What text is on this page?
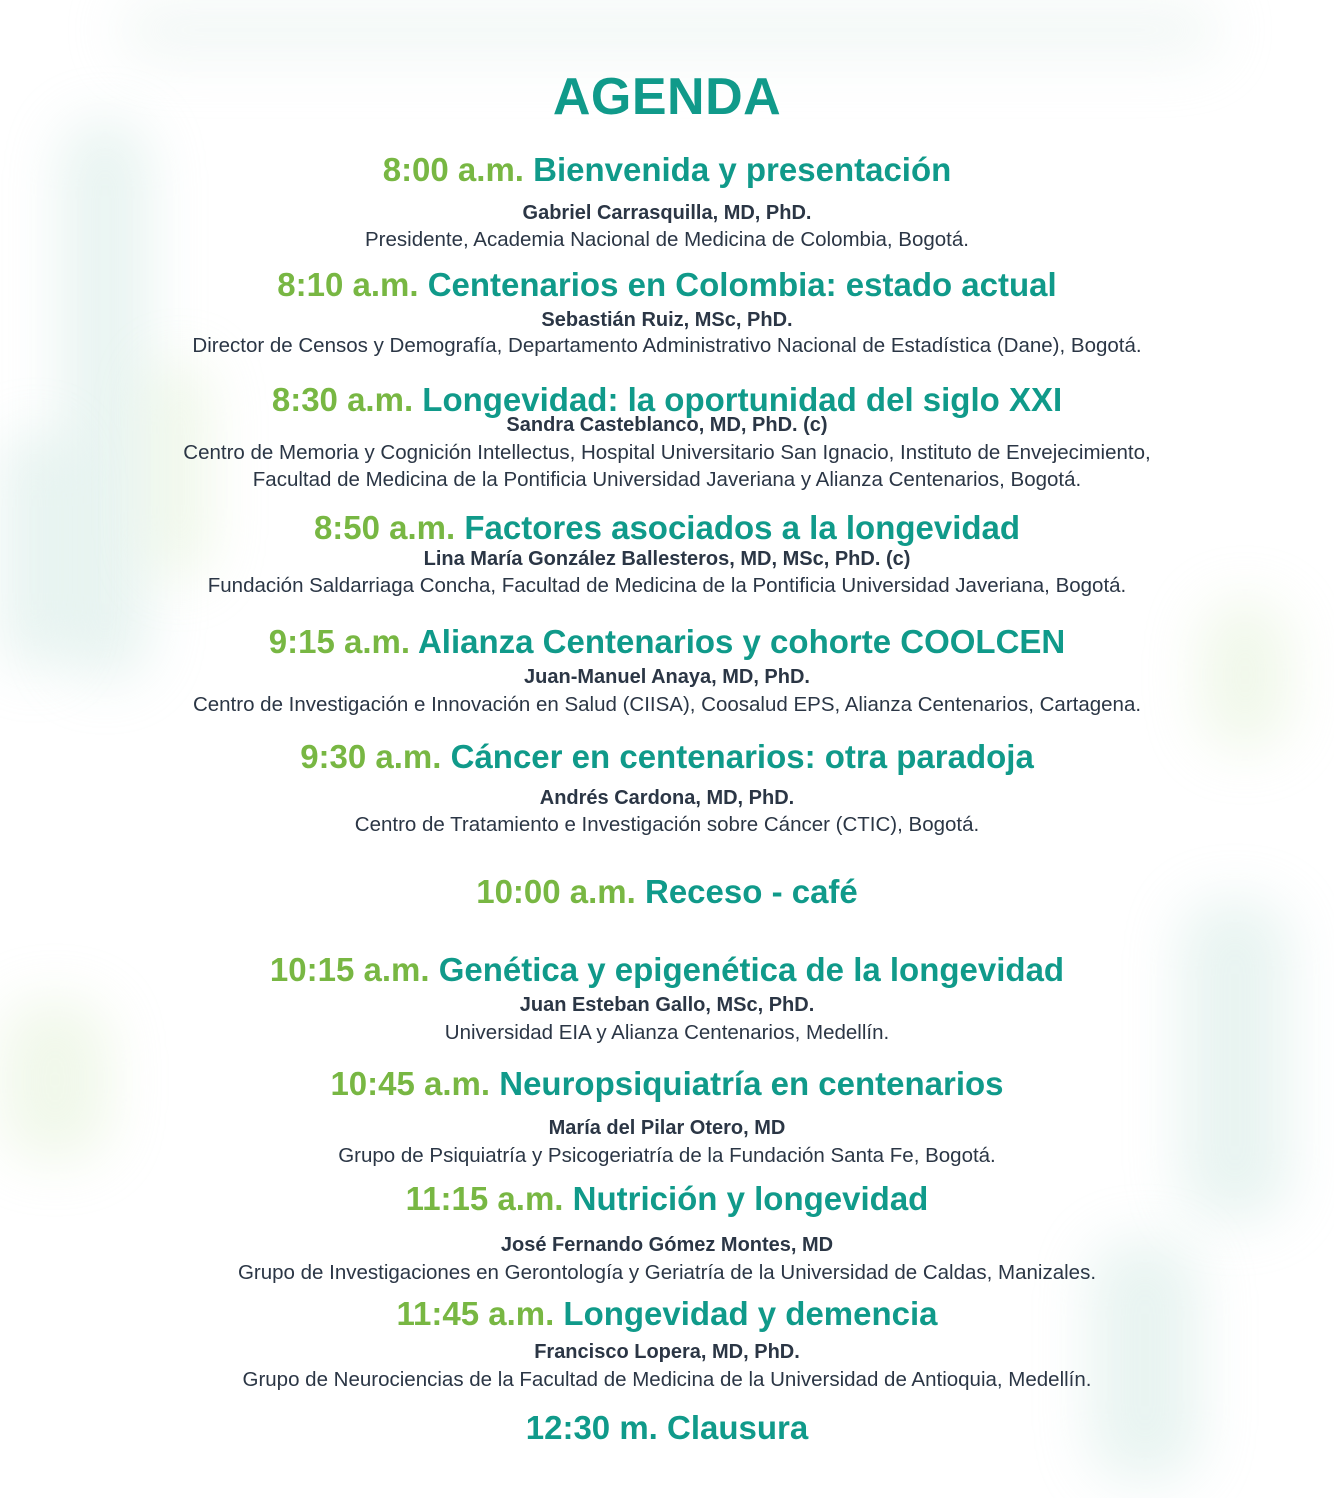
AGENDA
8:00 a.m. Bienvenida y presentación
Gabriel Carrasquilla, MD, PhD.
Presidente, Academia Nacional de Medicina de Colombia, Bogotá.
8:10 a.m. Centenarios en Colombia: estado actual
Sebastián Ruiz, MSc, PhD.
Director de Censos y Demografía, Departamento Administrativo Nacional de Estadística (Dane), Bogotá.
8:30 a.m. Longevidad: la oportunidad del siglo XXI
Sandra Casteblanco, MD, PhD. (c)
Centro de Memoria y Cognición Intellectus, Hospital Universitario San Ignacio, Instituto de Envejecimiento,
Facultad de Medicina de la Pontificia Universidad Javeriana y Alianza Centenarios, Bogotá.
8:50 a.m. Factores asociados a la longevidad
Lina María González Ballesteros, MD, MSc, PhD. (c)
Fundación Saldarriaga Concha, Facultad de Medicina de la Pontificia Universidad Javeriana, Bogotá.
9:15 a.m. Alianza Centenarios y cohorte COOLCEN
Juan-Manuel Anaya, MD, PhD.
Centro de Investigación e Innovación en Salud (CIISA), Coosalud EPS, Alianza Centenarios, Cartagena.
9:30 a.m. Cáncer en centenarios: otra paradoja
Andrés Cardona, MD, PhD.
Centro de Tratamiento e Investigación sobre Cáncer (CTIC), Bogotá.
10:00 a.m. Receso - café
10:15 a.m. Genética y epigenética de la longevidad
Juan Esteban Gallo, MSc, PhD.
Universidad EIA y Alianza Centenarios, Medellín.
10:45 a.m. Neuropsiquiatría en centenarios
María del Pilar Otero, MD
Grupo de Psiquiatría y Psicogeriatría de la Fundación Santa Fe, Bogotá.
11:15 a.m. Nutrición y longevidad
José Fernando Gómez Montes, MD
Grupo de Investigaciones en Gerontología y Geriatría de la Universidad de Caldas, Manizales.
11:45 a.m. Longevidad y demencia
Francisco Lopera, MD, PhD.
Grupo de Neurociencias de la Facultad de Medicina de la Universidad de Antioquia, Medellín.
12:30 m. Clausura
